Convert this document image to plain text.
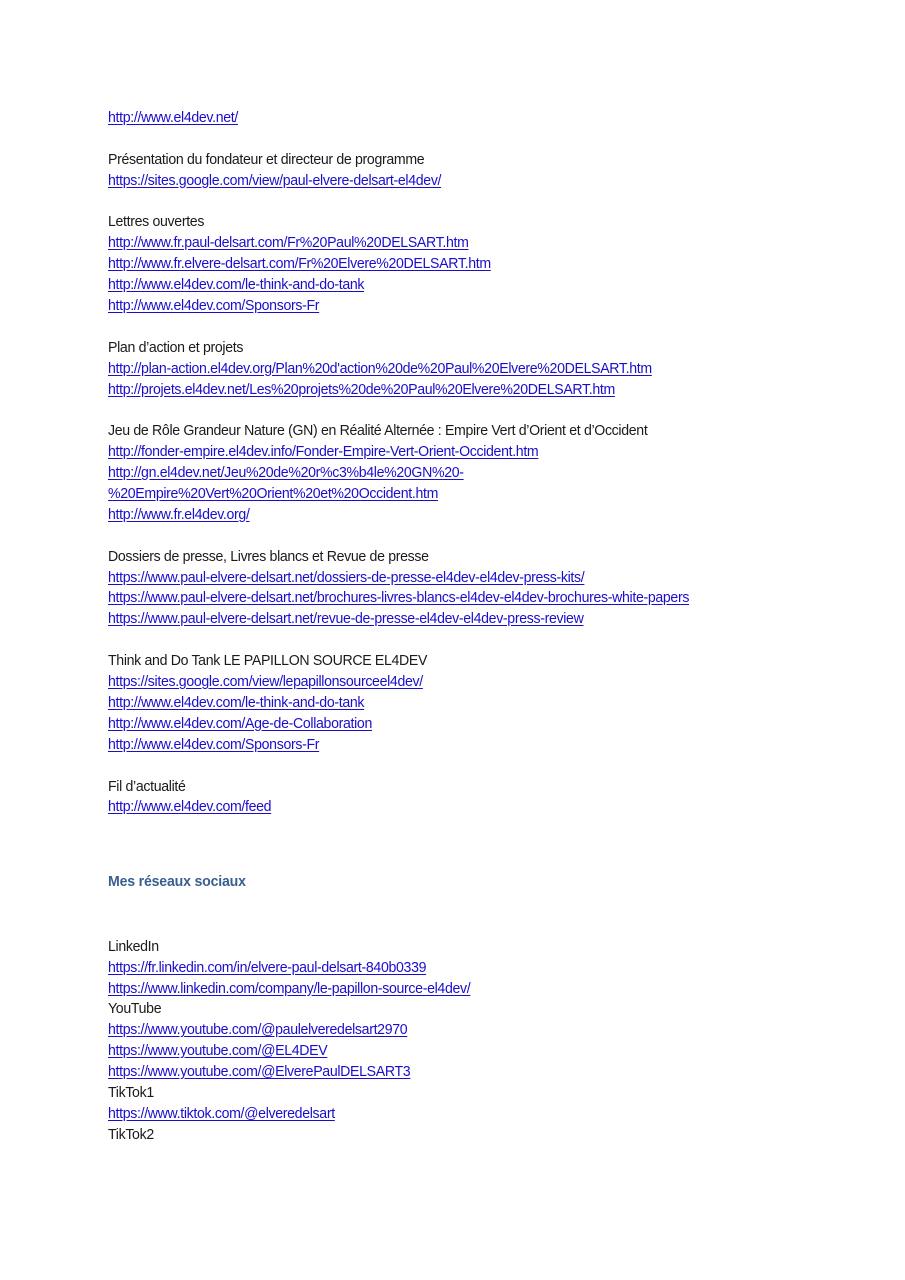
http://www.el4dev.net/
Présentation du fondateur et directeur de programme
https://sites.google.com/view/paul-elvere-delsart-el4dev/
Lettres ouvertes
http://www.fr.paul-delsart.com/Fr%20Paul%20DELSART.htm
http://www.fr.elvere-delsart.com/Fr%20Elvere%20DELSART.htm
http://www.el4dev.com/le-think-and-do-tank
http://www.el4dev.com/Sponsors-Fr
Plan d’action et projets
http://plan-action.el4dev.org/Plan%20d'action%20de%20Paul%20Elvere%20DELSART.htm
http://projets.el4dev.net/Les%20projets%20de%20Paul%20Elvere%20DELSART.htm
Jeu de Rôle Grandeur Nature (GN) en Réalité Alternée : Empire Vert d’Orient et d’Occident
http://fonder-empire.el4dev.info/Fonder-Empire-Vert-Orient-Occident.htm
http://gn.el4dev.net/Jeu%20de%20r%c3%b4le%20GN%20-
%20Empire%20Vert%20Orient%20et%20Occident.htm
http://www.fr.el4dev.org/
Dossiers de presse, Livres blancs et Revue de presse
https://www.paul-elvere-delsart.net/dossiers-de-presse-el4dev-el4dev-press-kits/
https://www.paul-elvere-delsart.net/brochures-livres-blancs-el4dev-el4dev-brochures-white-papers
https://www.paul-elvere-delsart.net/revue-de-presse-el4dev-el4dev-press-review
Think and Do Tank LE PAPILLON SOURCE EL4DEV
https://sites.google.com/view/lepapillonsourceel4dev/
http://www.el4dev.com/le-think-and-do-tank
http://www.el4dev.com/Age-de-Collaboration
http://www.el4dev.com/Sponsors-Fr
Fil d’actualité
http://www.el4dev.com/feed
Mes réseaux sociaux
LinkedIn
https://fr.linkedin.com/in/elvere-paul-delsart-840b0339
https://www.linkedin.com/company/le-papillon-source-el4dev/
YouTube
https://www.youtube.com/@paulelveredelsart2970
https://www.youtube.com/@EL4DEV
https://www.youtube.com/@ElverePaulDELSART3
TikTok1
https://www.tiktok.com/@elveredelsart
TikTok2
